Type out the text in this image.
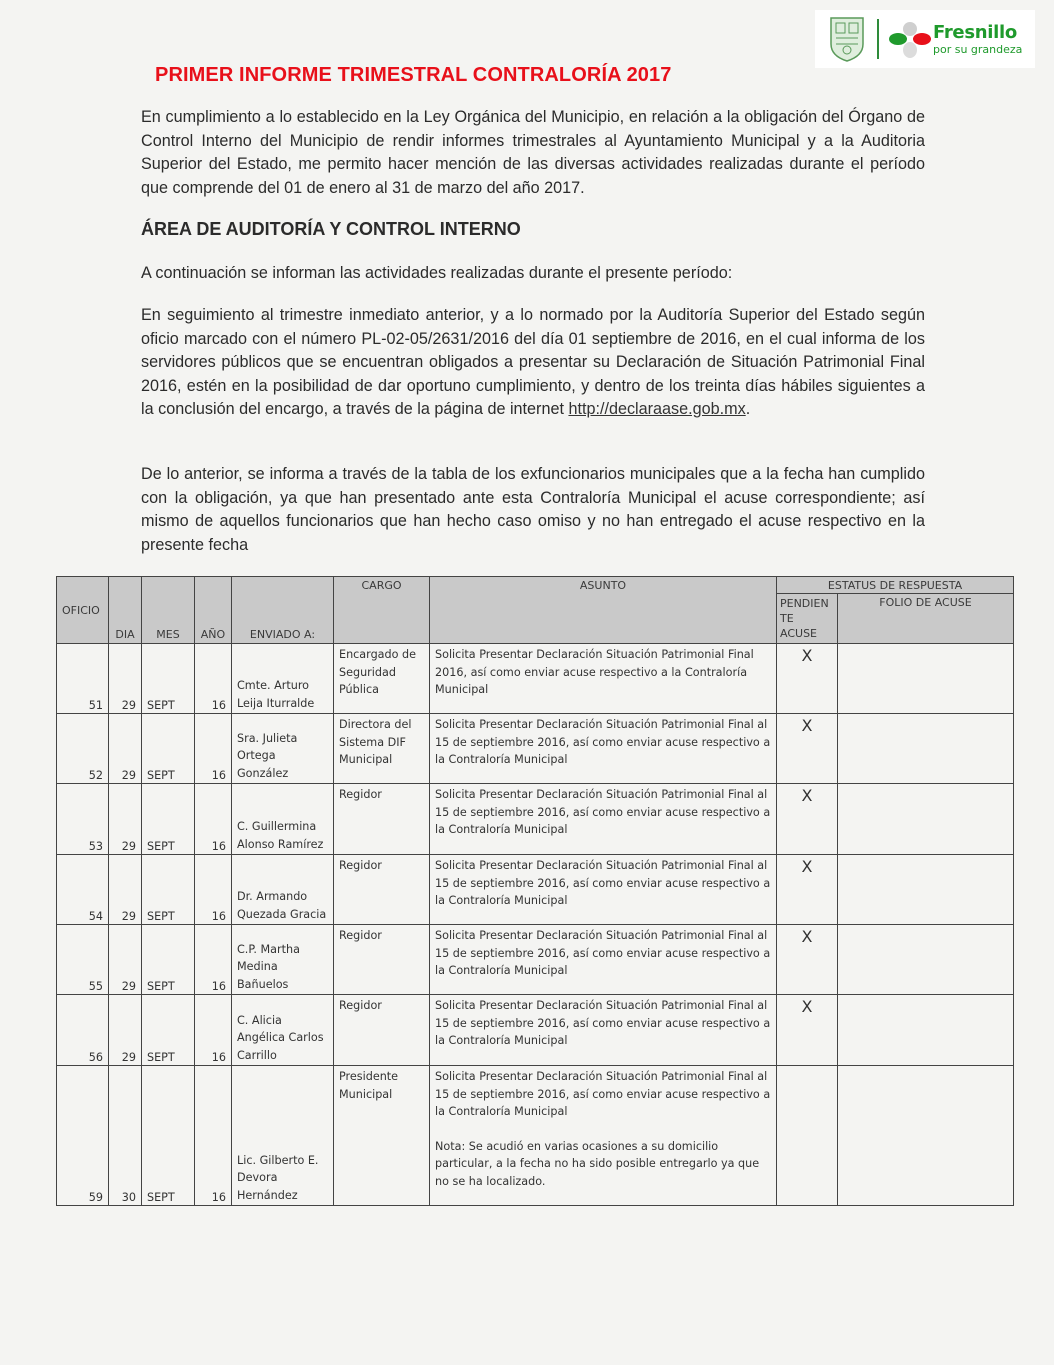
Fresnillo
por su grandeza
PRIMER INFORME TRIMESTRAL CONTRALORÍA 2017
En cumplimiento a lo establecido en la Ley Orgánica del Municipio, en relación a la obligación del Órgano de Control Interno del Municipio de rendir informes trimestrales al Ayuntamiento Municipal y a la Auditoria Superior del Estado, me permito hacer mención de las diversas actividades realizadas durante el período que comprende del 01 de enero al 31 de marzo del año 2017.
ÁREA DE AUDITORÍA Y CONTROL INTERNO
A continuación se informan las actividades realizadas durante el presente período:
En seguimiento al trimestre inmediato anterior, y a lo normado por la Auditoría Superior del Estado según oficio marcado con el número PL-02-05/2631/2016 del día 01 septiembre de 2016, en el cual informa de los servidores públicos que se encuentran obligados a presentar su Declaración de Situación Patrimonial Final 2016, estén en la posibilidad de dar oportuno cumplimiento, y dentro de los treinta días hábiles siguientes a la conclusión del encargo, a través de la página de internet http://declaraase.gob.mx.
De lo anterior, se informa a través de la tabla de los exfuncionarios municipales que a la fecha han cumplido con la obligación, ya que han presentado ante esta Contraloría Municipal el acuse correspondiente; así mismo de aquellos funcionarios que han hecho caso omiso y no han entregado el acuse respectivo en la presente fecha
OFICIO	DIA	MES	AÑO	ENVIADO A:	CARGO	ASUNTO	ESTATUS DE RESPUESTA	
							PENDIEN TE ACUSE	FOLIO DE ACUSE
51	29	SEPT	16	Cmte. Arturo Leija Iturralde	Encargado de Seguridad Pública	Solicita Presentar Declaración Situación Patrimonial Final 2016, así como enviar acuse respectivo a la Contraloría Municipal	X	
52	29	SEPT	16	Sra. Julieta Ortega González	Directora del Sistema DIF Municipal	Solicita Presentar Declaración Situación Patrimonial Final al 15 de septiembre 2016, así como enviar acuse respectivo a la Contraloría Municipal	X	
53	29	SEPT	16	C. Guillermina Alonso Ramírez	Regidor	Solicita Presentar Declaración Situación Patrimonial Final al 15 de septiembre 2016, así como enviar acuse respectivo a la Contraloría Municipal	X	
54	29	SEPT	16	Dr. Armando Quezada Gracia	Regidor	Solicita Presentar Declaración Situación Patrimonial Final al 15 de septiembre 2016, así como enviar acuse respectivo a la Contraloría Municipal	X	
55	29	SEPT	16	C.P. Martha Medina Bañuelos	Regidor	Solicita Presentar Declaración Situación Patrimonial Final al 15 de septiembre 2016, así como enviar acuse respectivo a la Contraloría Municipal	X	
56	29	SEPT	16	C. Alicia Angélica Carlos Carrillo	Regidor	Solicita Presentar Declaración Situación Patrimonial Final al 15 de septiembre 2016, así como enviar acuse respectivo a la Contraloría Municipal	X	
59	30	SEPT	16	Lic. Gilberto E. Devora Hernández	Presidente Municipal	Solicita Presentar Declaración Situación Patrimonial Final al 15 de septiembre 2016, así como enviar acuse respectivo a la Contraloría Municipal
Nota: Se acudió en varias ocasiones a su domicilio particular, a la fecha no ha sido posible entregarlo ya que no se ha localizado.		
